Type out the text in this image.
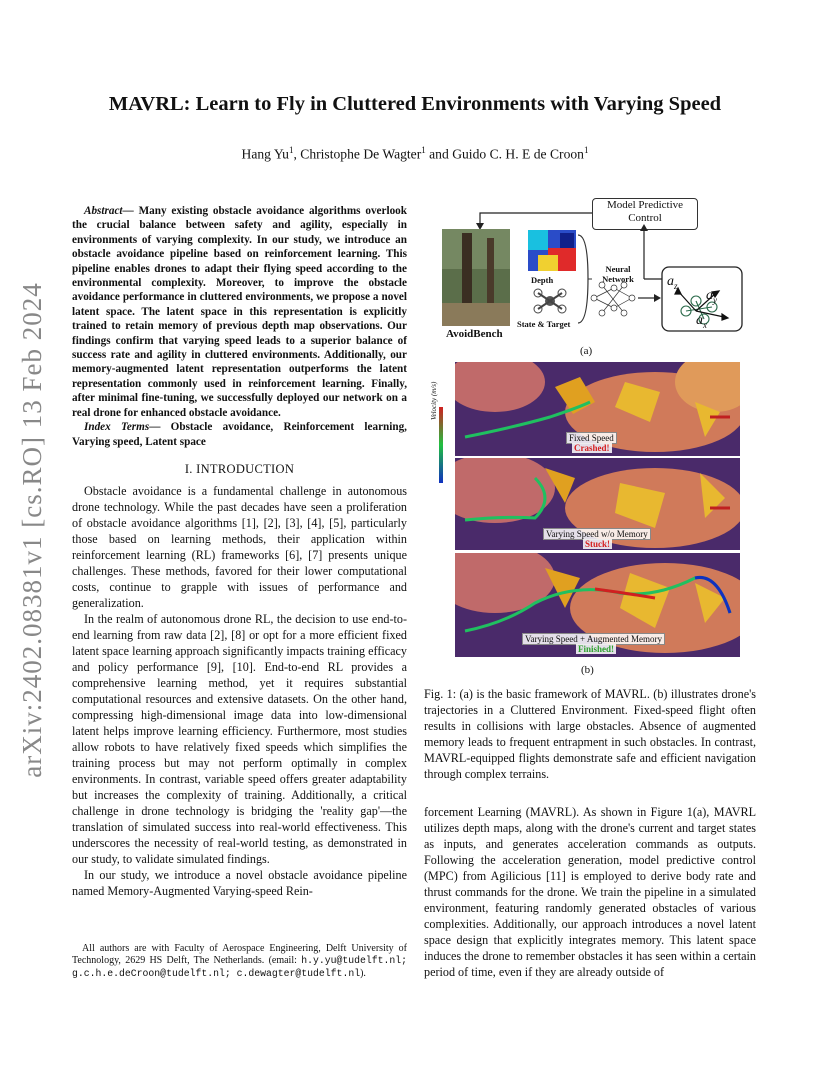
arXiv:2402.08381v1 [cs.RO] 13 Feb 2024
MAVRL: Learn to Fly in Cluttered Environments with Varying Speed
Hang Yu$^1$, Christophe De Wagter$^1$ and Guido C. H. E de Croon$^1$

Abstract— Many existing obstacle avoidance algorithms overlook the crucial balance between safety and agility, especially in environments of varying complexity. In our study, we introduce an obstacle avoidance pipeline based on reinforcement learning. This pipeline enables drones to adapt their flying speed according to the environmental complexity. Moreover, to improve the obstacle avoidance performance in cluttered environments, we propose a novel latent space. The latent space in this representation is explicitly trained to retain memory of previous depth map observations. Our findings confirm that varying speed leads to a superior balance of success rate and agility in cluttered environments. Additionally, our memory-augmented latent representation outperforms the latent representation commonly used in reinforcement learning. Finally, after minimal fine-tuning, we successfully deployed our network on a real drone for enhanced obstacle avoidance.

Index Terms— Obstacle avoidance, Reinforcement learning, Varying speed, Latent space

I. INTRODUCTION

Obstacle avoidance is a fundamental challenge in autonomous drone technology. While the past decades have seen a proliferation of obstacle avoidance algorithms [1], [2], [3], [4], [5], particularly those based on learning methods, their application within reinforcement learning (RL) frameworks [6], [7] presents unique challenges. These methods, favored for their lower computational costs, continue to grapple with issues of performance and generalization.

In the realm of autonomous drone RL, the decision to use end-to-end learning from raw data [2], [8] or opt for a more efficient fixed latent space learning approach significantly impacts training efficacy and policy performance [9], [10]. End-to-end RL provides a comprehensive learning method, yet it requires substantial computational resources and extensive datasets. On the other hand, compressing high-dimensional image data into low-dimensional latent helps improve learning efficiency. Furthermore, most studies allow robots to have relatively fixed speeds which simplifies the training process but may not perform optimally in complex environments. In contrast, variable speed offers greater adaptability but increases the complexity of training. Additionally, a critical challenge in drone technology is bridging the 'reality gap'—the translation of simulated success into real-world effectiveness. This underscores the necessity of real-world testing, as demonstrated in our study, to validate simulated findings.

In our study, we introduce a novel obstacle avoidance pipeline named Memory-Augmented Varying-speed Rein-

All authors are with Faculty of Aerospace Engineering, Delft University of Technology, 2629 HS Delft, The Netherlands. (email: h.y.yu@tudelft.nl; g.c.h.e.deCroon@tudelft.nl; c.dewagter@tudelft.nl).
Model Predictive Control
Depth
State & Target
Neural Network
AvoidBench
$a_z$
$a_y$
$a_x$
(a)
Velocity (m/s)
Fixed Speed
Crashed!
Varying Speed w/o Memory
Stuck!
Varying Speed + Augmented Memory
Finished!
(b)
Fig. 1: (a) is the basic framework of MAVRL. (b) illustrates drone's trajectories in a Cluttered Environment. Fixed-speed flight often results in collisions with large obstacles. Absence of augmented memory leads to frequent entrapment in such obstacles. In contrast, MAVRL-equipped flights demonstrate safe and efficient navigation through complex terrains.
forcement Learning (MAVRL). As shown in Figure 1(a), MAVRL utilizes depth maps, along with the drone's current and target states as inputs, and generates acceleration commands as outputs. Following the acceleration generation, model predictive control (MPC) from Agilicious [11] is employed to derive body rate and thrust commands for the drone. We train the pipeline in a simulated environment, featuring randomly generated obstacles of various complexities. Additionally, our approach introduces a novel latent space design that explicitly integrates memory. This latent space induces the drone to remember obstacles it has seen within a certain period of time, even if they are already outside of
